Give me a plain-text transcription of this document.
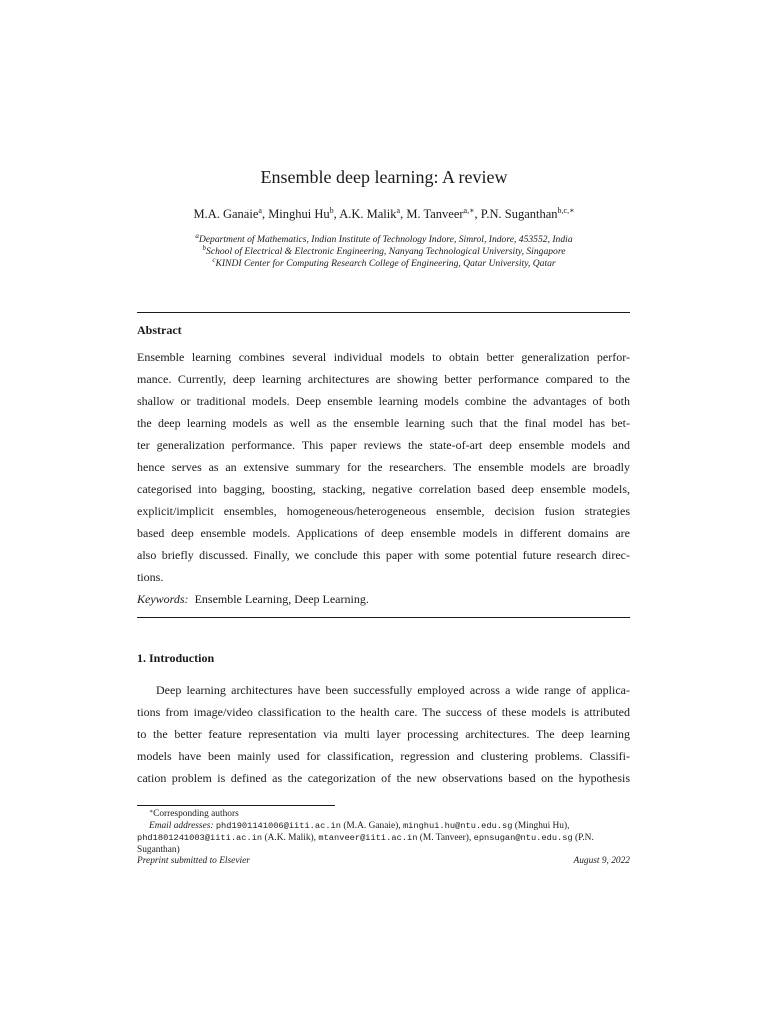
Ensemble deep learning: A review
M.A. Ganaie$^a$, Minghui Hu$^b$, A.K. Malik$^a$, M. Tanveer$^{a,∗}$, P.N. Suganthan$^{b,c,∗}$
$^a$Department of Mathematics, Indian Institute of Technology Indore, Simrol, Indore, 453552, India
$^b$School of Electrical & Electronic Engineering, Nanyang Technological University, Singapore
$^c$KINDI Center for Computing Research College of Engineering, Qatar University, Qatar
Abstract
Ensemble learning combines several individual models to obtain better generalization perfor-
mance. Currently, deep learning architectures are showing better performance compared to the
shallow or traditional models. Deep ensemble learning models combine the advantages of both
the deep learning models as well as the ensemble learning such that the final model has bet-
ter generalization performance. This paper reviews the state-of-art deep ensemble models and
hence serves as an extensive summary for the researchers. The ensemble models are broadly
categorised into bagging, boosting, stacking, negative correlation based deep ensemble models,
explicit/implicit ensembles, homogeneous/heterogeneous ensemble, decision fusion strategies
based deep ensemble models. Applications of deep ensemble models in different domains are
also briefly discussed. Finally, we conclude this paper with some potential future research direc-
tions.
Keywords: Ensemble Learning, Deep Learning.
1. Introduction
Deep learning architectures have been successfully employed across a wide range of applica-
tions from image/video classification to the health care. The success of these models is attributed
to the better feature representation via multi layer processing architectures. The deep learning
models have been mainly used for classification, regression and clustering problems. Classifi-
cation problem is defined as the categorization of the new observations based on the hypothesis
∗Corresponding authors
Email addresses: phd1901141006@iiti.ac.in (M.A. Ganaie), minghui.hu@ntu.edu.sg (Minghui Hu),
phd1801241003@iiti.ac.in (A.K. Malik), mtanveer@iiti.ac.in (M. Tanveer), epnsugan@ntu.edu.sg (P.N.
Suganthan)
Preprint submitted to Elsevier	August 9, 2022
